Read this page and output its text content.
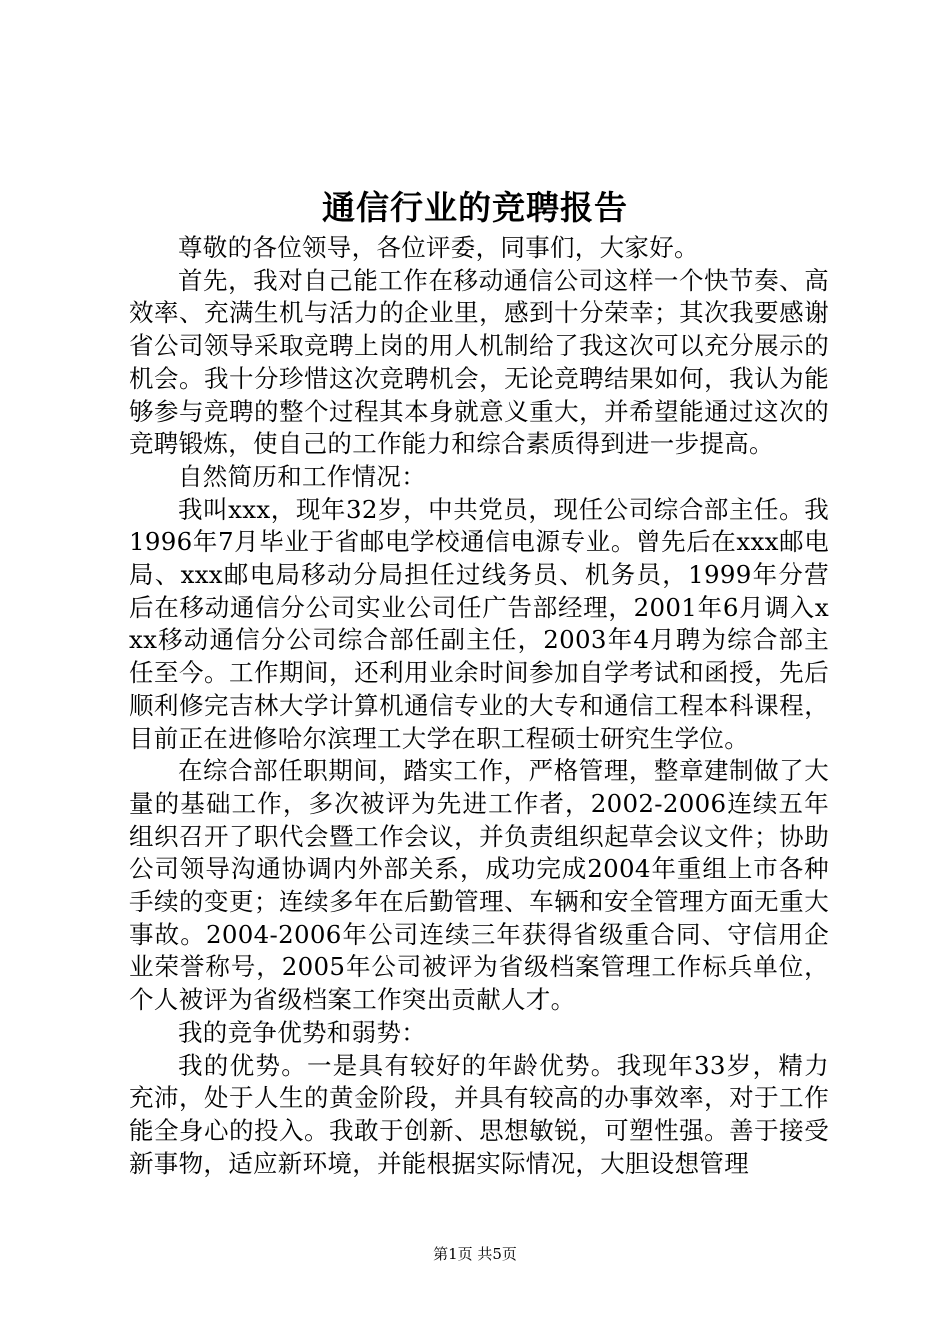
通信行业的竞聘报告

尊敬的各位领导，各位评委，同事们，大家好。

首先，我对自己能工作在移动通信公司这样一个快节奏、高效率、充满生机与活力的企业里，感到十分荣幸；其次我要感谢省公司领导采取竞聘上岗的用人机制给了我这次可以充分展示的机会。我十分珍惜这次竞聘机会，无论竞聘结果如何，我认为能够参与竞聘的整个过程其本身就意义重大，并希望能通过这次的竞聘锻炼，使自己的工作能力和综合素质得到进一步提高。

自然简历和工作情况：

我叫xxx，现年32岁，中共党员，现任公司综合部主任。我1996年7月毕业于省邮电学校通信电源专业。曾先后在xxx邮电局、xxx邮电局移动分局担任过线务员、机务员，1999年分营后在移动通信分公司实业公司任广告部经理，2001年6月调入xxx移动通信分公司综合部任副主任，2003年4月聘为综合部主任至今。工作期间，还利用业余时间参加自学考试和函授，先后顺利修完吉林大学计算机通信专业的大专和通信工程本科课程，目前正在进修哈尔滨理工大学在职工程硕士研究生学位。

在综合部任职期间，踏实工作，严格管理，整章建制做了大量的基础工作，多次被评为先进工作者，2002-2006连续五年组织召开了职代会暨工作会议，并负责组织起草会议文件；协助公司领导沟通协调内外部关系，成功完成2004年重组上市各种手续的变更；连续多年在后勤管理、车辆和安全管理方面无重大事故。2004-2006年公司连续三年获得省级重合同、守信用企业荣誉称号，2005年公司被评为省级档案管理工作标兵单位，个人被评为省级档案工作突出贡献人才。

我的竞争优势和弱势：

我的优势。一是具有较好的年龄优势。我现年33岁，精力充沛，处于人生的黄金阶段，并具有较高的办事效率，对于工作能全身心的投入。我敢于创新、思想敏锐，可塑性强。善于接受新事物，适应新环境，并能根据实际情况，大胆设想管理

第1页 共5页
